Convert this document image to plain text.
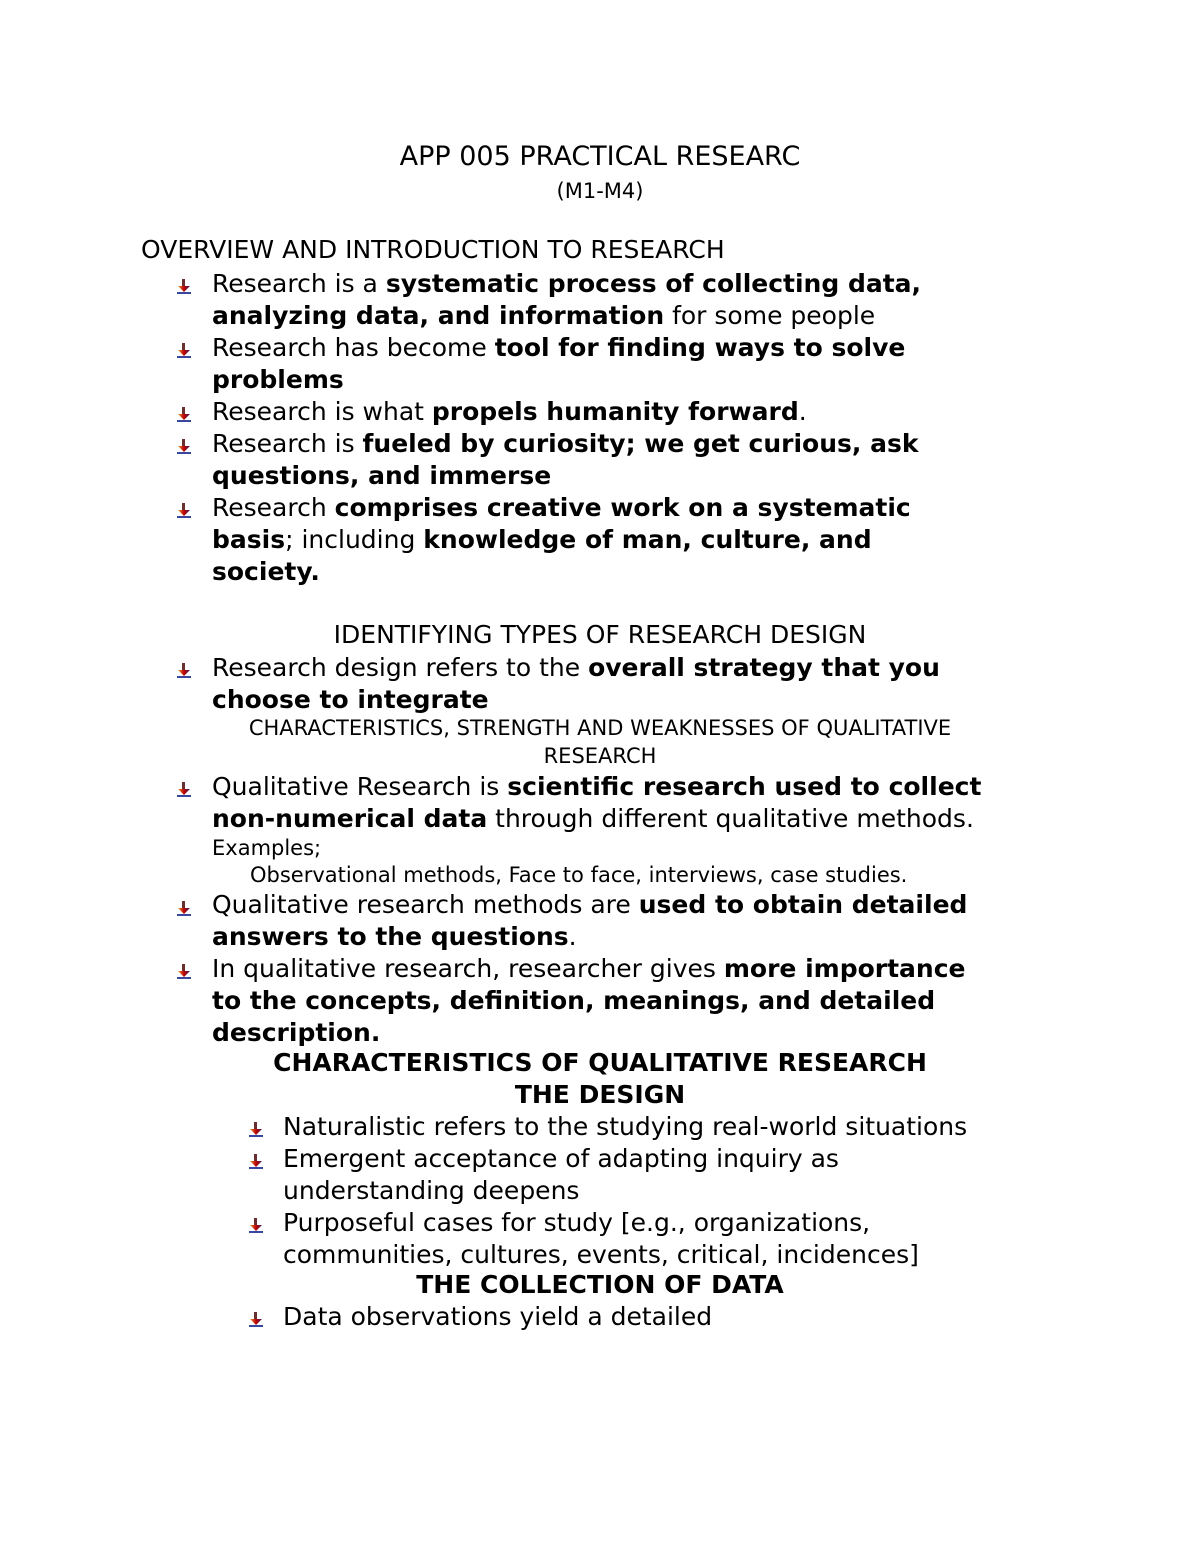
APP 005 PRACTICAL RESEARC

(M1-M4)

OVERVIEW AND INTRODUCTION TO RESEARCH

Research is a systematic process of collecting data,

analyzing data, and information for some people

Research has become tool for finding ways to solve

problems

Research is what propels humanity forward.

Research is fueled by curiosity; we get curious, ask

questions, and immerse

Research comprises creative work on a systematic

basis; including knowledge of man, culture, and

society.

IDENTIFYING TYPES OF RESEARCH DESIGN

Research design refers to the overall strategy that you

choose to integrate

CHARACTERISTICS, STRENGTH AND WEAKNESSES OF QUALITATIVE

RESEARCH

Qualitative Research is scientific research used to collect

non-numerical data through different qualitative methods.

Examples;

Observational methods, Face to face, interviews, case studies.

Qualitative research methods are used to obtain detailed

answers to the questions.

In qualitative research, researcher gives more importance

to the concepts, definition, meanings, and detailed

description.

CHARACTERISTICS OF QUALITATIVE RESEARCH

THE DESIGN

Naturalistic refers to the studying real-world situations

Emergent acceptance of adapting inquiry as

understanding deepens

Purposeful cases for study [e.g., organizations,

communities, cultures, events, critical, incidences]

THE COLLECTION OF DATA

Data observations yield a detailed
